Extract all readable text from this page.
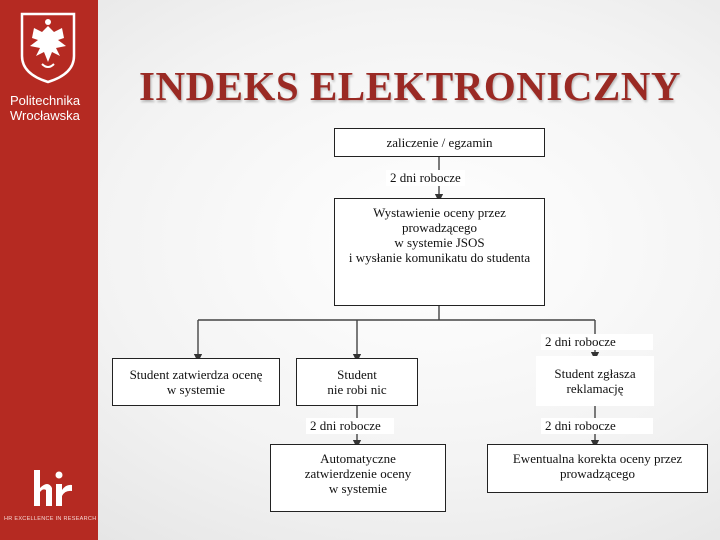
Politechnika
Wrocławska
HR EXCELLENCE IN RESEARCH
INDEKS ELEKTRONICZNY
zaliczenie / egzamin
2 dni robocze
Wystawienie oceny przez
prowadzącego
w systemie JSOS
i wysłanie komunikatu do studenta
2 dni robocze
Student zatwierdza ocenę
w systemie
Student
nie robi nic
Student zgłasza
reklamację
2 dni robocze	2 dni robocze
Automatyczne
zatwierdzenie oceny
w systemie
Ewentualna korekta oceny przez
prowadzącego
